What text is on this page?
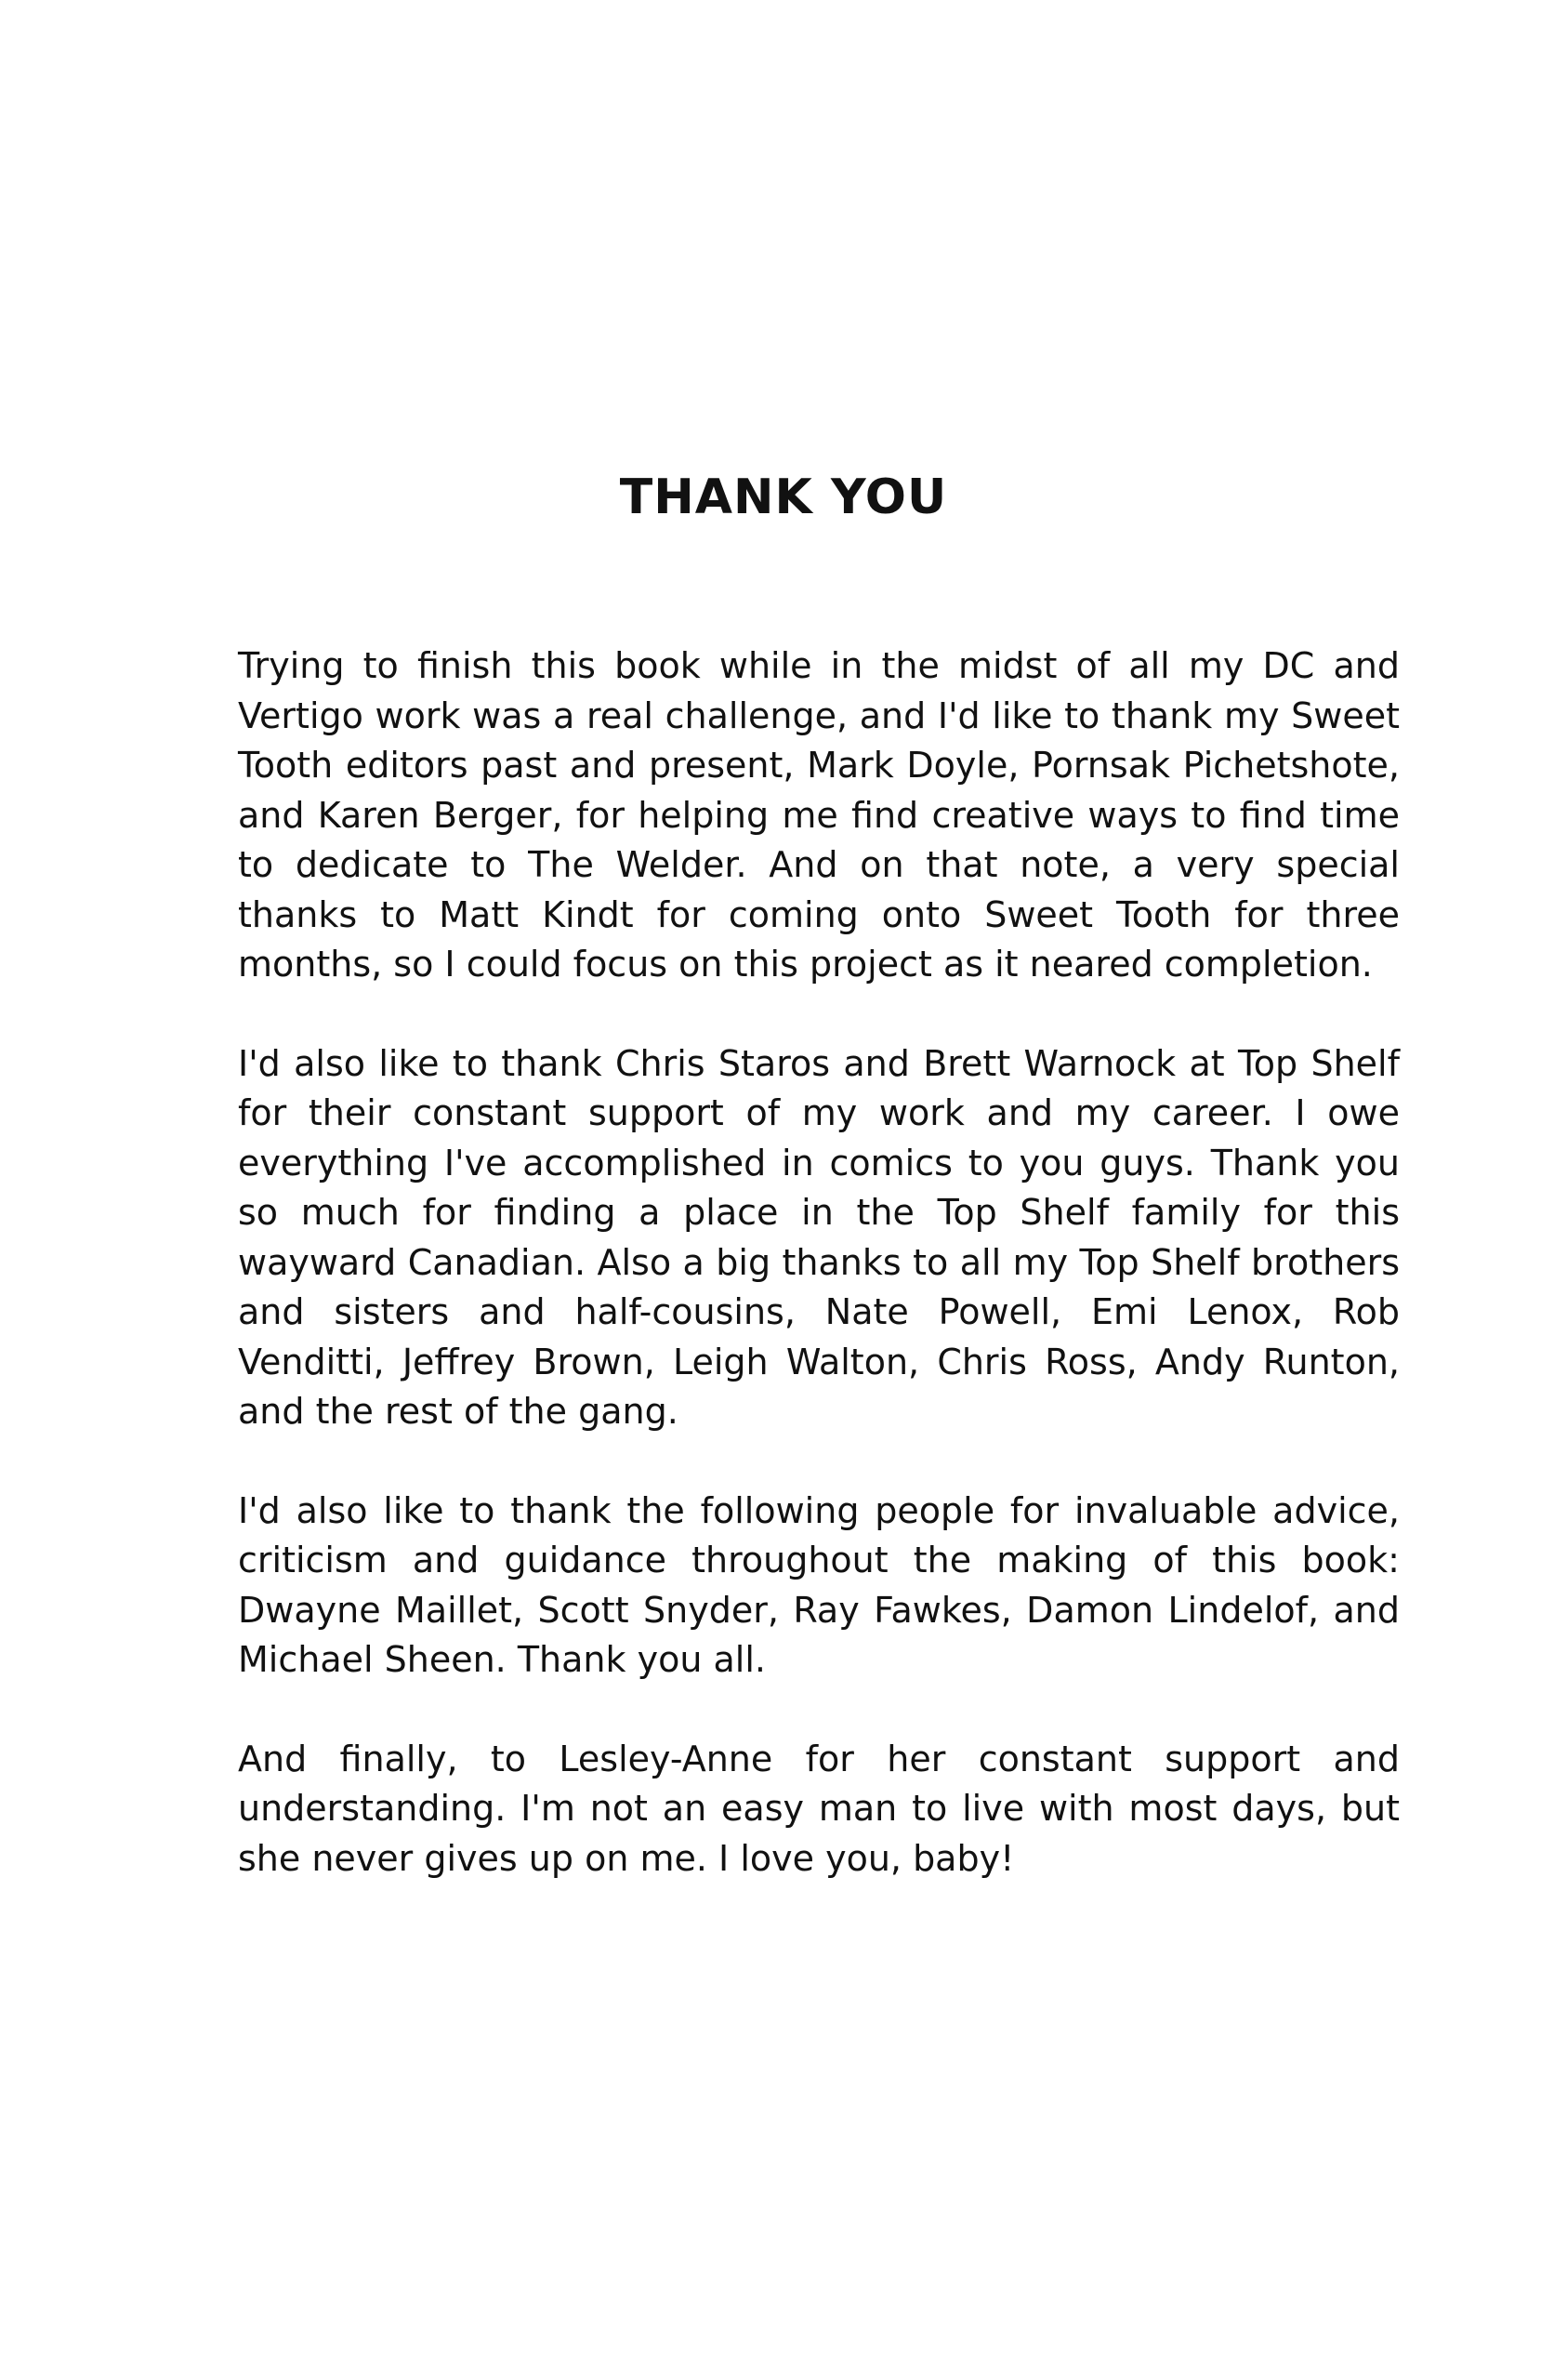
THANK YOU

Trying to finish this book while in the midst of all my DC and Vertigo work was a real challenge, and I'd like to thank my Sweet Tooth editors past and present, Mark Doyle, Pornsak Pichetshote, and Karen Berger, for helping me find creative ways to find time to dedicate to The Welder. And on that note, a very special thanks to Matt Kindt for coming onto Sweet Tooth for three months, so I could focus on this project as it neared completion.

I'd also like to thank Chris Staros and Brett Warnock at Top Shelf for their constant support of my work and my career. I owe everything I've accomplished in comics to you guys. Thank you so much for finding a place in the Top Shelf family for this wayward Canadian. Also a big thanks to all my Top Shelf brothers and sisters and half-cousins, Nate Powell, Emi Lenox, Rob Venditti, Jeffrey Brown, Leigh Walton, Chris Ross, Andy Runton, and the rest of the gang.

I'd also like to thank the following people for invaluable advice, criticism and guidance throughout the making of this book: Dwayne Maillet, Scott Snyder, Ray Fawkes, Damon Lindelof, and Michael Sheen. Thank you all.

And finally, to Lesley-Anne for her constant support and understanding. I'm not an easy man to live with most days, but she never gives up on me. I love you, baby!
